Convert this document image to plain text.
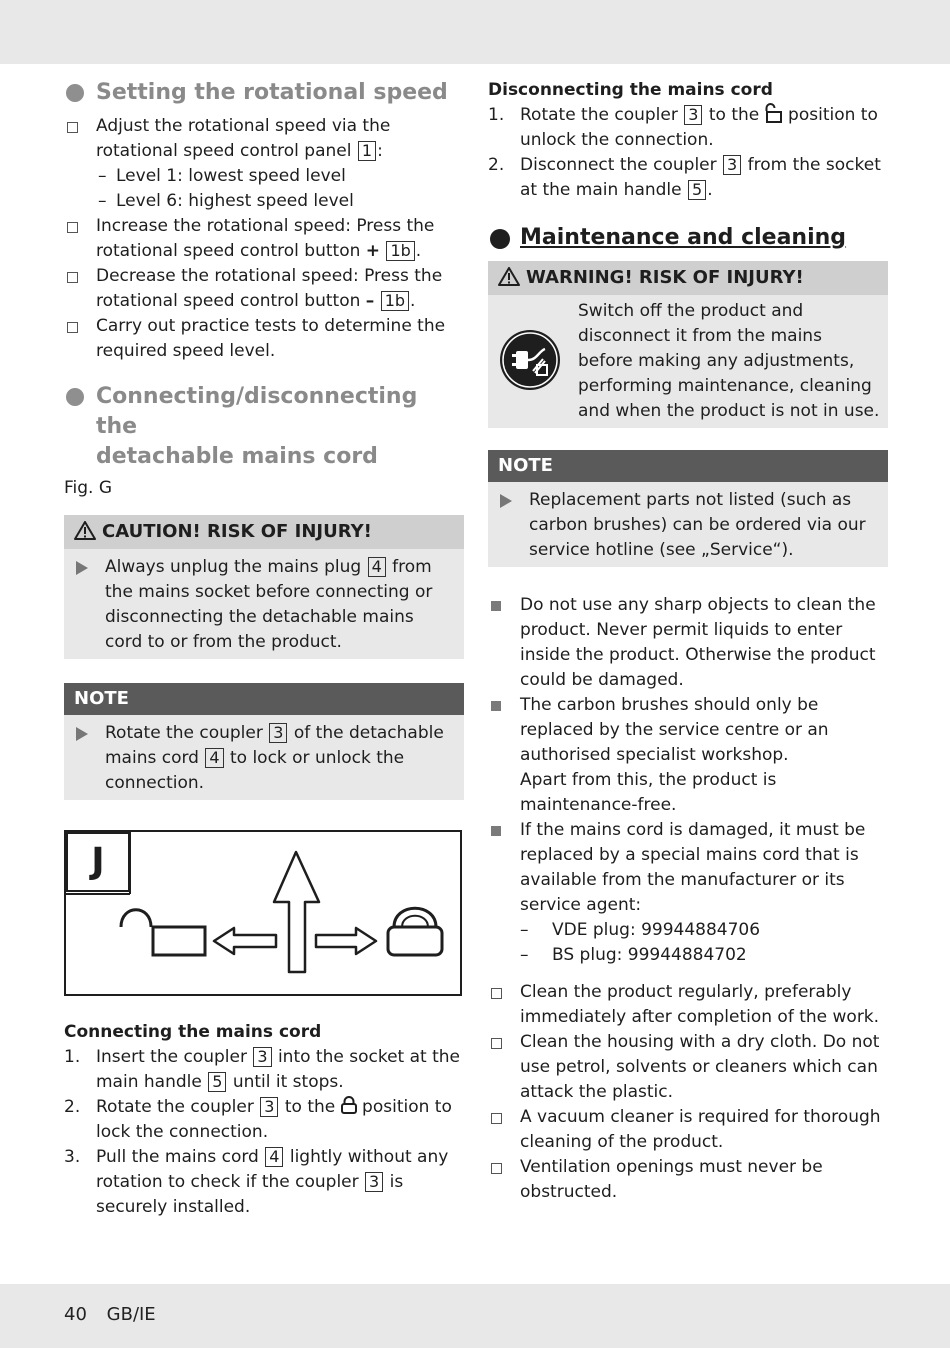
Setting the rotational speed
Adjust the rotational speed via the rotational speed control panel 1 :
– Level 1: lowest speed level
– Level 6: highest speed level
Increase the rotational speed: Press the rotational speed control button + 1b .
Decrease the rotational speed: Press the rotational speed control button – 1b .
Carry out practice tests to determine the required speed level.
Connecting/disconnecting the
detachable mains cord
Fig. G
CAUTION! RISK OF INJURY!
Always unplug the mains plug 4 from the mains socket before connecting or disconnecting the detachable mains cord to or from the product.
NOTE
Rotate the coupler 3 of the detachable mains cord 4 to lock or unlock the connection.
J
Connecting the mains cord
1. Insert the coupler 3 into the socket at the main handle 5 until it stops.
2. Rotate the coupler 3 to the position to lock the connection.
3. Pull the mains cord 4 lightly without any rotation to check if the coupler 3 is securely installed.
Disconnecting the mains cord
1. Rotate the coupler 3 to the position to unlock the connection.
2. Disconnect the coupler 3 from the socket at the main handle 5 .
Maintenance and cleaning
WARNING! RISK OF INJURY!
Switch off the product and disconnect it from the mains before making any adjustments, performing maintenance, cleaning and when the product is not in use.
NOTE
Replacement parts not listed (such as carbon brushes) can be ordered via our service hotline (see „Service“).
Do not use any sharp objects to clean the product. Never permit liquids to enter inside the product. Otherwise the product could be damaged.
The carbon brushes should only be replaced by the service centre or an authorised specialist workshop.
Apart from this, the product is maintenance-free.
If the mains cord is damaged, it must be replaced by a special mains cord that is available from the manufacturer or its service agent:
– VDE plug: 99944884706
– BS plug: 99944884702
Clean the product regularly, preferably immediately after completion of the work.
Clean the housing with a dry cloth. Do not use petrol, solvents or cleaners which can attack the plastic.
A vacuum cleaner is required for thorough cleaning of the product.
Ventilation openings must never be obstructed.
40 GB/IE
